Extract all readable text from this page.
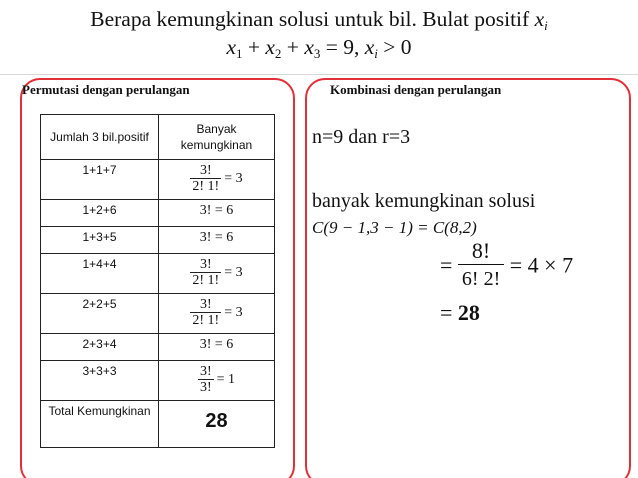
Berapa kemungkinan solusi untuk bil. Bulat positif $x_i$
$x_1 + x_2 + x_3 = 9$, $x_i > 0$
Permutasi dengan perulangan	Kombinasi dengan perulangan
Jumlah 3 bil.positif	Banyak kemungkinan
1+1+7	$\frac{3!}{2! 1!} = 3$

1+2+6	3! = 6
1+3+5	3! = 6
1+4+4	$\frac{3!}{2! 1!} = 3$

2+2+5	$\frac{3!}{2! 1!} = 3$

2+3+4	3! = 6
3+3+3	$\frac{3!}{3!} = 1$

Total Kemungkinan	28
n=9 dan r=3
banyak kemungkinan solusi
C(9 − 1,3 − 1) = C(8,2)
= $\frac{8!}{6! 2!} = 4 \times 7$
= 28
